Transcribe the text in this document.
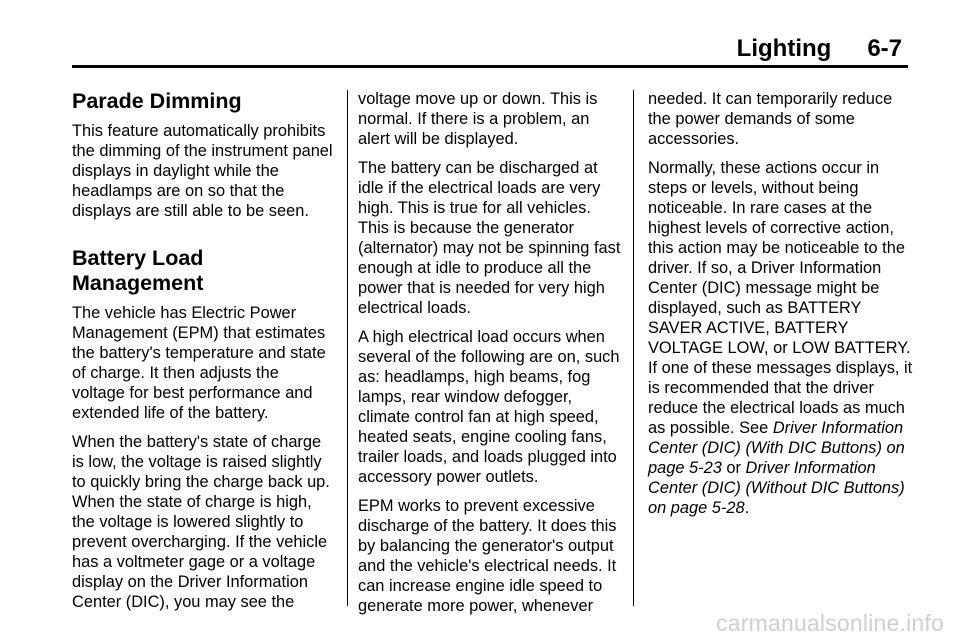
Lighting 6-7
Parade Dimming

This feature automatically prohibits the dimming of the instrument panel displays in daylight while the headlamps are on so that the displays are still able to be seen.

Battery Load
Management

The vehicle has Electric Power Management (EPM) that estimates the battery's temperature and state of charge. It then adjusts the voltage for best performance and extended life of the battery.

When the battery's state of charge is low, the voltage is raised slightly to quickly bring the charge back up. When the state of charge is high, the voltage is lowered slightly to prevent overcharging. If the vehicle has a voltmeter gage or a voltage display on the Driver Information Center (DIC), you may see the

voltage move up or down. This is normal. If there is a problem, an alert will be displayed.

The battery can be discharged at idle if the electrical loads are very high. This is true for all vehicles. This is because the generator (alternator) may not be spinning fast enough at idle to produce all the power that is needed for very high electrical loads.

A high electrical load occurs when several of the following are on, such as: headlamps, high beams, fog lamps, rear window defogger, climate control fan at high speed, heated seats, engine cooling fans, trailer loads, and loads plugged into accessory power outlets.

EPM works to prevent excessive discharge of the battery. It does this by balancing the generator's output and the vehicle's electrical needs. It can increase engine idle speed to generate more power, whenever

needed. It can temporarily reduce the power demands of some accessories.

Normally, these actions occur in steps or levels, without being noticeable. In rare cases at the highest levels of corrective action, this action may be noticeable to the driver. If so, a Driver Information Center (DIC) message might be displayed, such as BATTERY SAVER ACTIVE, BATTERY VOLTAGE LOW, or LOW BATTERY. If one of these messages displays, it is recommended that the driver reduce the electrical loads as much as possible. See Driver Information Center (DIC) (With DIC Buttons) on page 5-23 or Driver Information Center (DIC) (Without DIC Buttons) on page 5-28.

carmanualsonline.info
